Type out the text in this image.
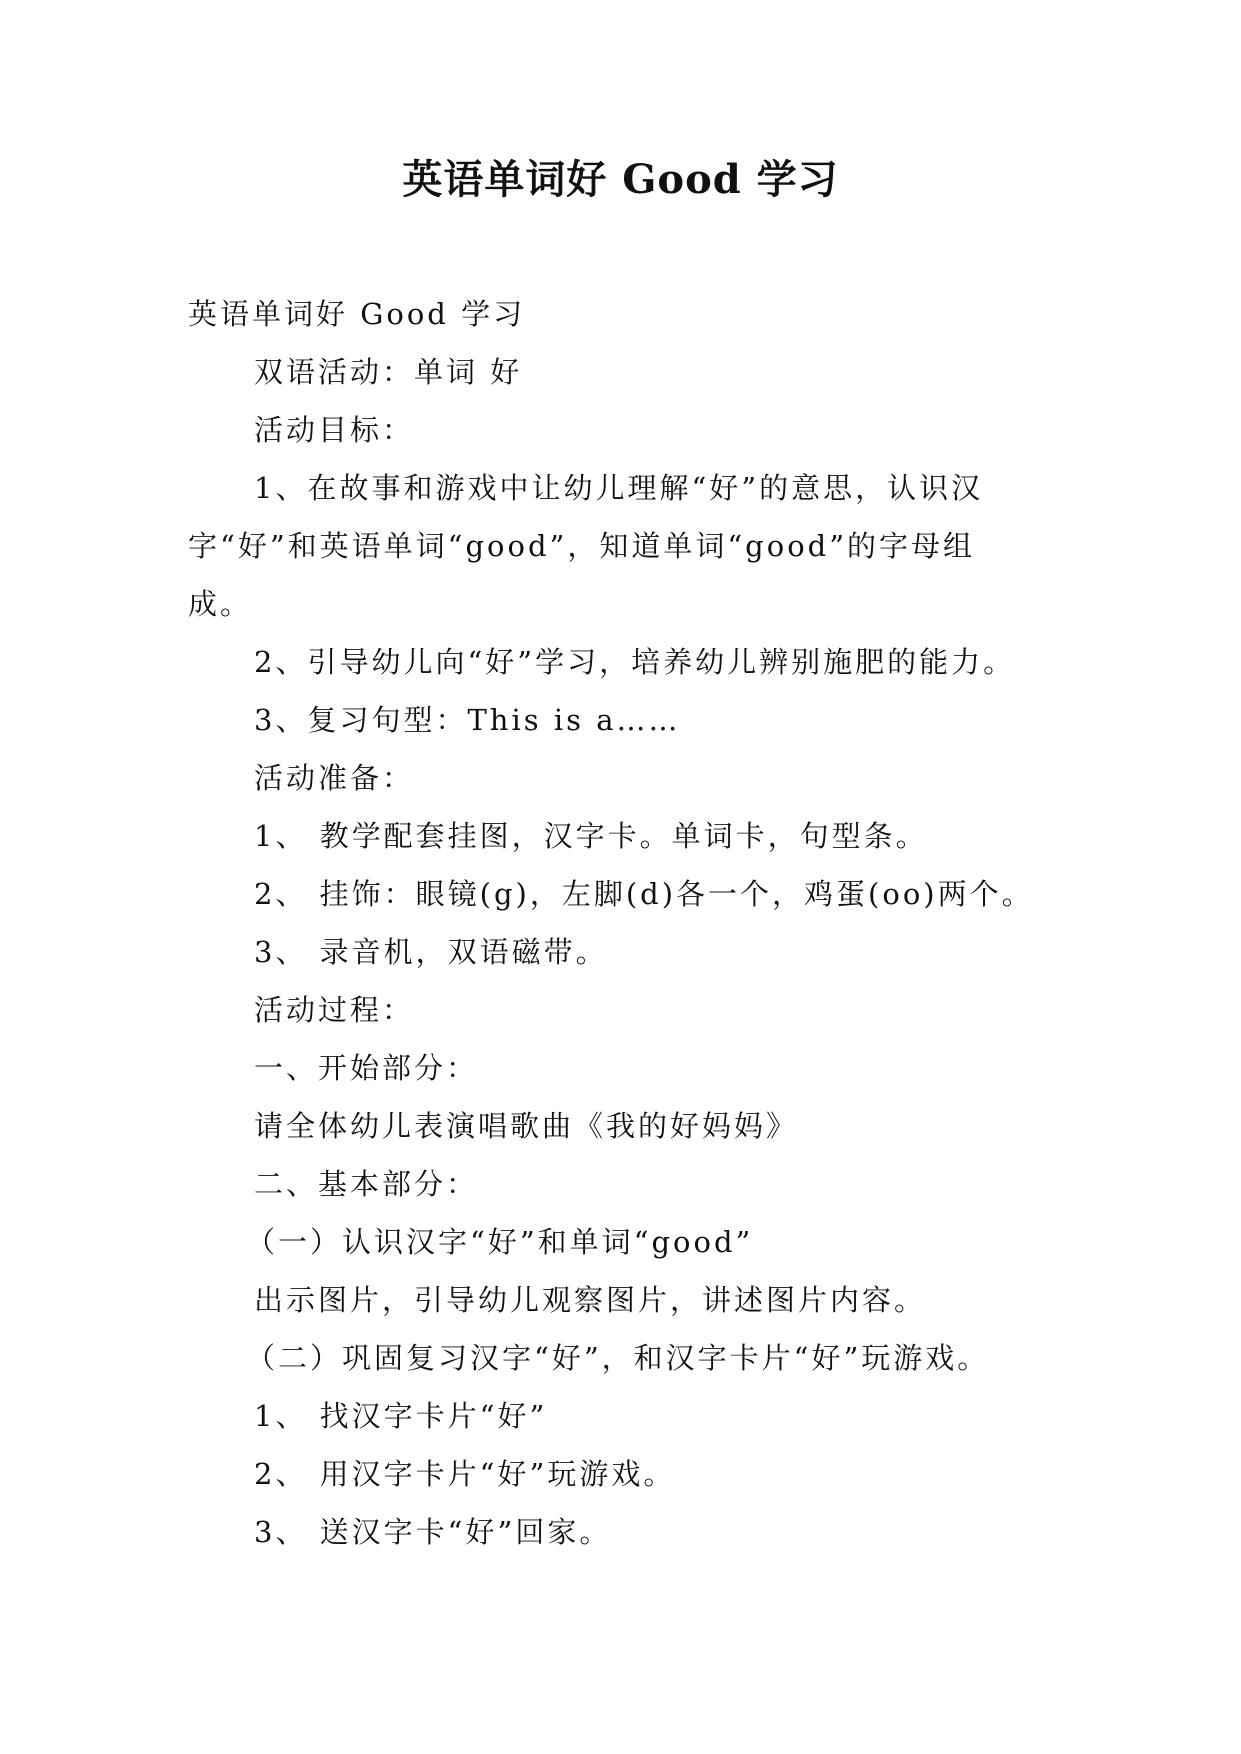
英语单词好 Good 学习
英语单词好 Good 学习
双语活动：单词 好
活动目标：
1、在故事和游戏中让幼儿理解“好”的意思，认识汉
字“好”和英语单词“good”，知道单词“good”的字母组
成。
2、引导幼儿向“好”学习，培养幼儿辨别施肥的能力。
3、复习句型：This is a……
活动准备：
1、 教学配套挂图，汉字卡。单词卡，句型条。
2、 挂饰：眼镜(g)，左脚(d)各一个，鸡蛋(oo)两个。
3、 录音机，双语磁带。
活动过程：
一、开始部分：
请全体幼儿表演唱歌曲《我的好妈妈》
二、基本部分：
（一）认识汉字“好”和单词“good”
出示图片，引导幼儿观察图片，讲述图片内容。
（二）巩固复习汉字“好”，和汉字卡片“好”玩游戏。
1、 找汉字卡片“好”
2、 用汉字卡片“好”玩游戏。
3、 送汉字卡“好”回家。
